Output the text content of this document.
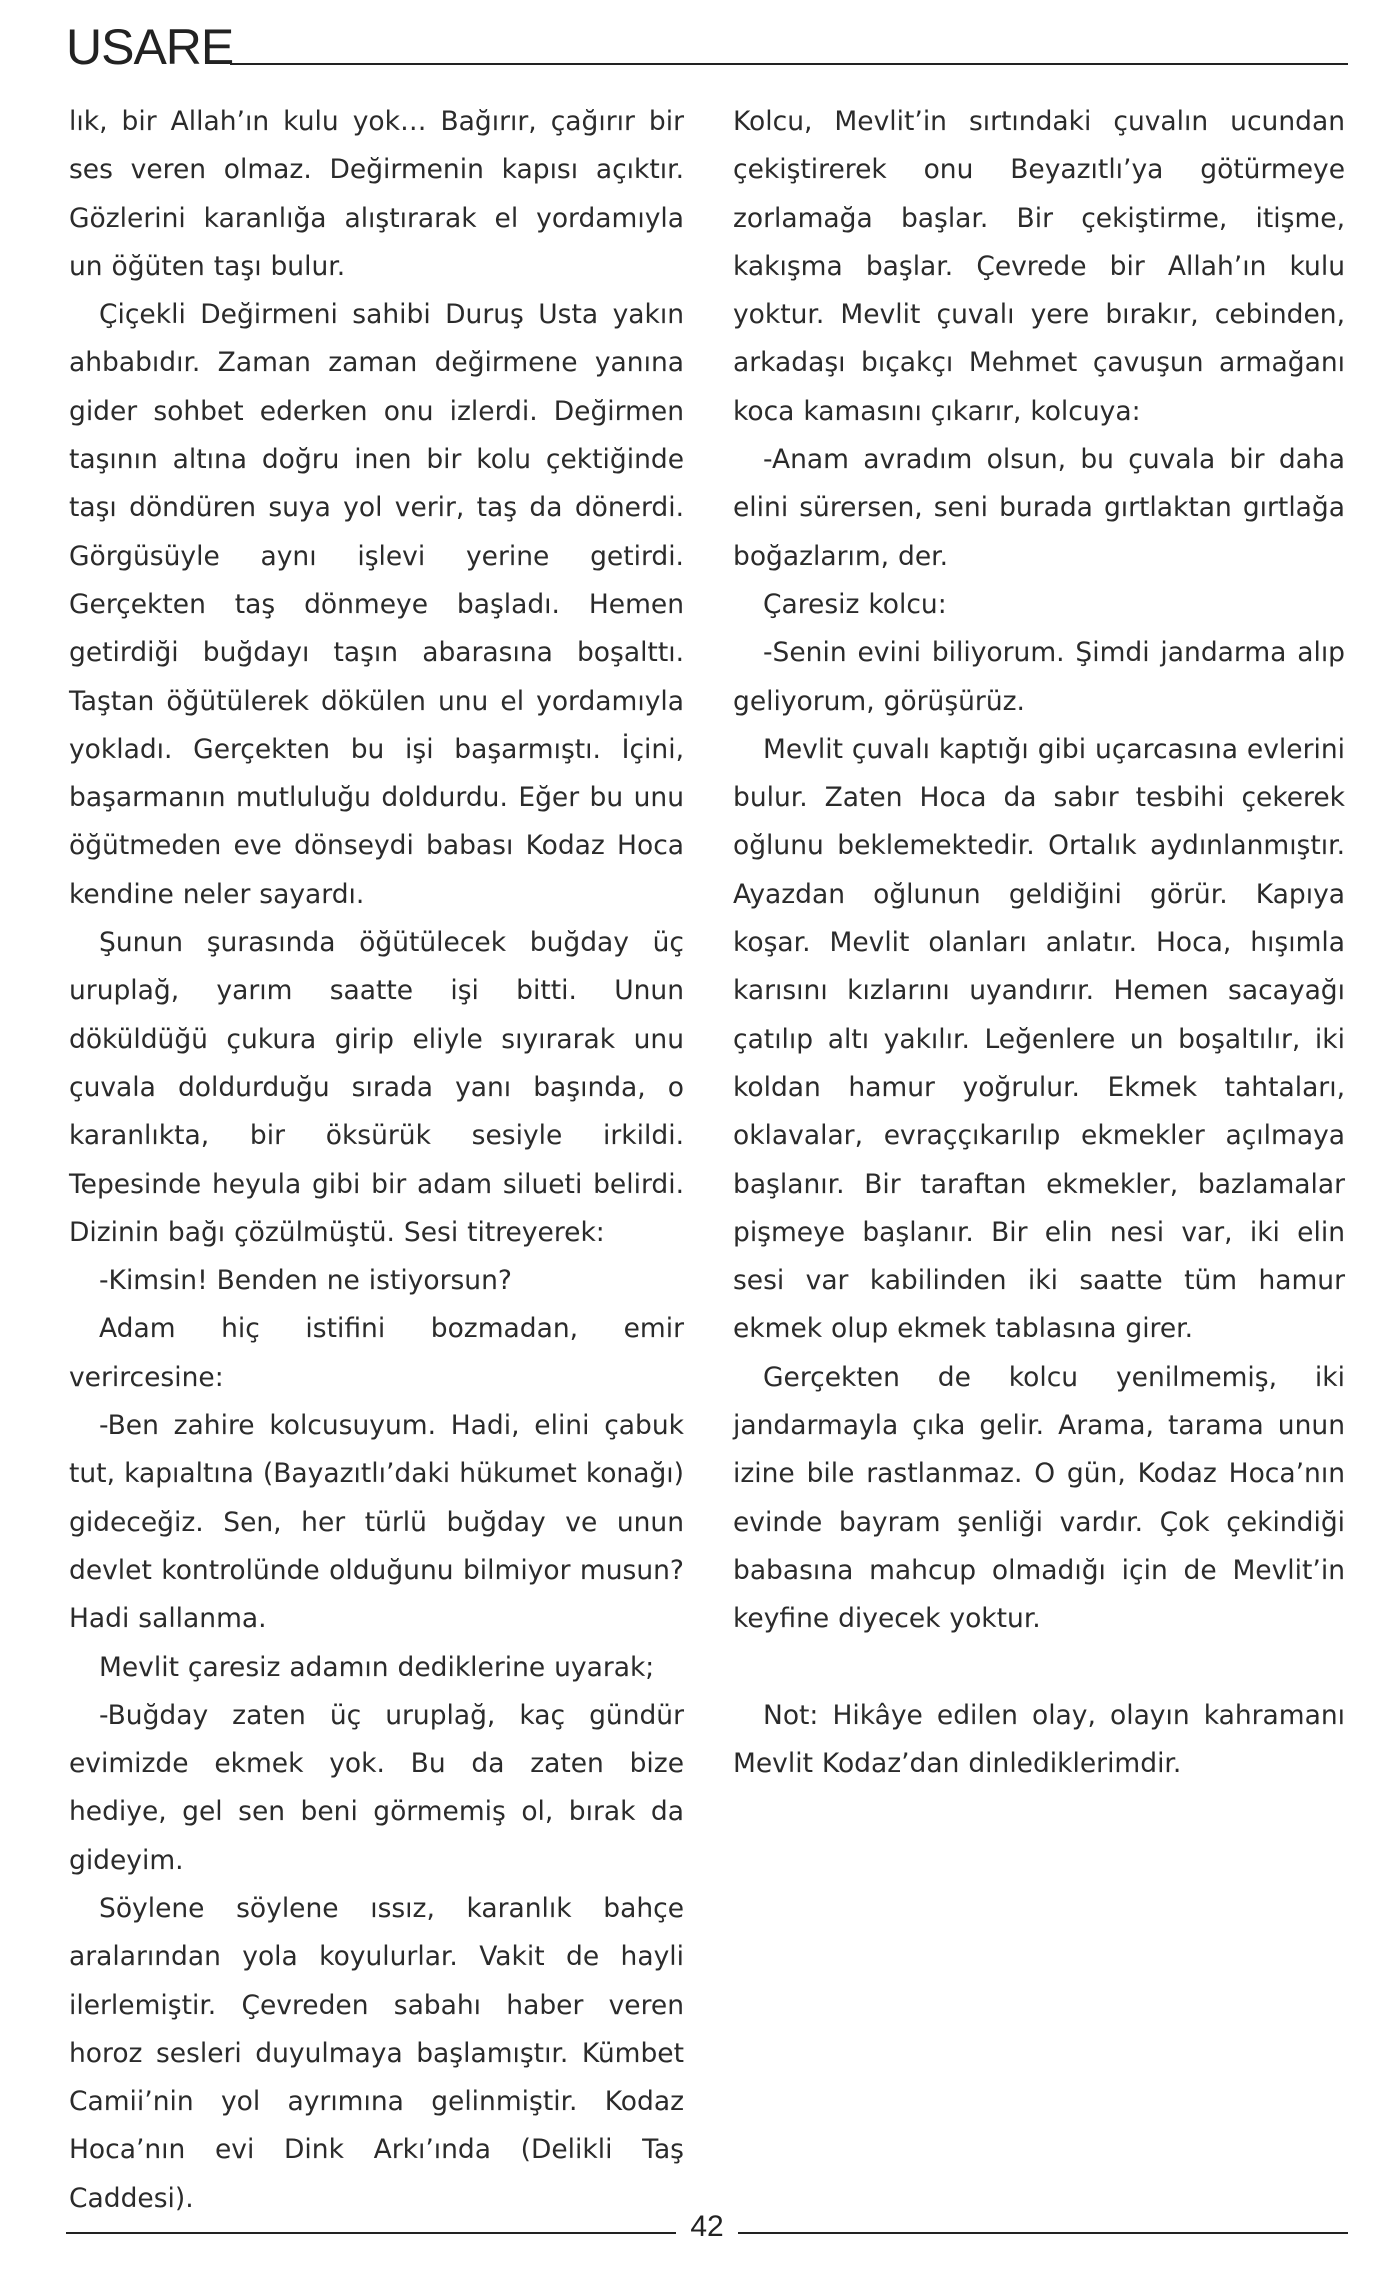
USARE

lık, bir Allah’ın kulu yok… Bağırır, çağırır bir ses veren olmaz. Değirmenin kapısı açıktır. Gözlerini karanlığa alıştırarak el yordamıyla un öğüten taşı bulur.

Çiçekli Değirmeni sahibi Duruş Usta yakın ahbabıdır. Zaman zaman değirmene yanına gider sohbet ederken onu izlerdi. Değirmen taşının altına doğru inen bir kolu çektiğinde taşı döndüren suya yol verir, taş da dönerdi. Görgüsüyle aynı işlevi yerine getirdi. Gerçekten taş dönmeye başladı. Hemen getirdiği buğdayı taşın abarasına boşalttı. Taştan öğütülerek dökülen unu el yordamıyla yokladı. Gerçekten bu işi başarmıştı. İçini, başarmanın mutluluğu doldurdu. Eğer bu unu öğütmeden eve dönseydi babası Kodaz Hoca kendine neler sayardı.

Şunun şurasında öğütülecek buğday üç uruplağ, yarım saatte işi bitti. Unun döküldüğü çukura girip eliyle sıyırarak unu çuvala doldurduğu sırada yanı başında, o karanlıkta, bir öksürük sesiyle irkildi. Tepesinde heyula gibi bir adam silueti belirdi. Dizinin bağı çözülmüştü. Sesi titreyerek:

-Kimsin! Benden ne istiyorsun?

Adam hiç istifini bozmadan, emir verircesine:

-Ben zahire kolcusuyum. Hadi, elini çabuk tut, kapıaltına (Bayazıtlı’daki hükumet konağı) gideceğiz. Sen, her türlü buğday ve unun devlet kontrolünde olduğunu bilmiyor musun? Hadi sallanma.

Mevlit çaresiz adamın dediklerine uyarak;

-Buğday zaten üç uruplağ, kaç gündür evimizde ekmek yok. Bu da zaten bize hediye, gel sen beni görmemiş ol, bırak da gideyim.

Söylene söylene ıssız, karanlık bahçe aralarından yola koyulurlar. Vakit de hayli ilerlemiştir. Çevreden sabahı haber veren horoz sesleri duyulmaya başlamıştır. Kümbet Camii’nin yol ayrımına gelinmiştir. Kodaz Hoca’nın evi Dink Arkı’ında (Delikli Taş Caddesi).

Kolcu, Mevlit’in sırtındaki çuvalın ucundan çekiştirerek onu Beyazıtlı’ya götürmeye zorlamağa başlar. Bir çekiştirme, itişme, kakışma başlar. Çevrede bir Allah’ın kulu yoktur. Mevlit çuvalı yere bırakır, cebinden, arkadaşı bıçakçı Mehmet çavuşun armağanı koca kamasını çıkarır, kolcuya:

-Anam avradım olsun, bu çuvala bir daha elini sürersen, seni burada gırtlaktan gırtlağa boğazlarım, der.

Çaresiz kolcu:

-Senin evini biliyorum. Şimdi jandarma alıp geliyorum, görüşürüz.

Mevlit çuvalı kaptığı gibi uçarcasına evlerini bulur. Zaten Hoca da sabır tesbihi çekerek oğlunu beklemektedir. Ortalık aydınlanmıştır. Ayazdan oğlunun geldiğini görür. Kapıya koşar. Mevlit olanları anlatır. Hoca, hışımla karısını kızlarını uyandırır. Hemen sacayağı çatılıp altı yakılır. Leğenlere un boşaltılır, iki koldan hamur yoğrulur. Ekmek tahtaları, oklavalar, evraççıkarılıp ekmekler açılmaya başlanır. Bir taraftan ekmekler, bazlamalar pişmeye başlanır. Bir elin nesi var, iki elin sesi var kabilinden iki saatte tüm hamur ekmek olup ekmek tablasına girer.

Gerçekten de kolcu yenilmemiş, iki jandarmayla çıka gelir. Arama, tarama unun izine bile rastlanmaz. O gün, Kodaz Hoca’nın evinde bayram şenliği vardır. Çok çekindiği babasına mahcup olmadığı için de Mevlit’in keyfine diyecek yoktur.

Not: Hikâye edilen olay, olayın kahramanı Mevlit Kodaz’dan dinlediklerimdir.

42
